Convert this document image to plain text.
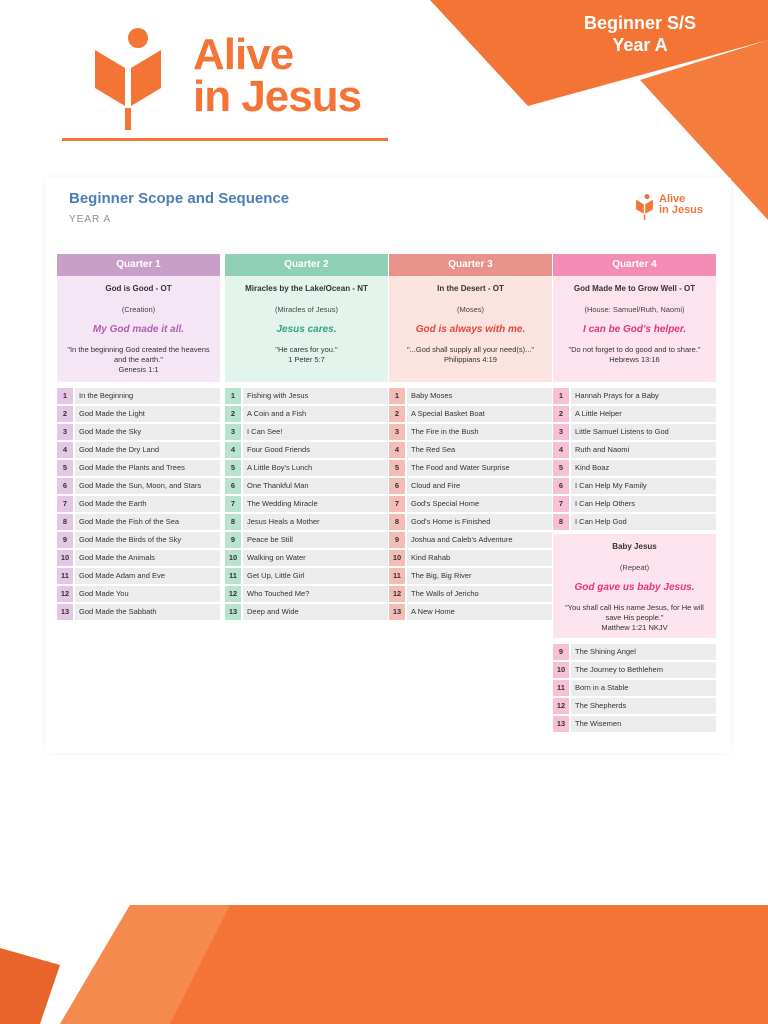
Beginner S/S
Year A
Alive
in Jesus
Beginner Scope and Sequence
YEAR A
Alive
in Jesus
Quarter 1
God is Good - OT
(Creation)
My God made it all.
"In the beginning God created the heavens and the earth."
Genesis 1:1
1	In the Beginning
2	God Made the Light
3	God Made the Sky
4	God Made the Dry Land
5	God Made the Plants and Trees
6	God Made the Sun, Moon, and Stars
7	God Made the Earth
8	God Made the Fish of the Sea
9	God Made the Birds of the Sky
10	God Made the Animals
11	God Made Adam and Eve
12	God Made You
13	God Made the Sabbath
Quarter 2
Miracles by the Lake/Ocean - NT
(Miracles of Jesus)
Jesus cares.
"He cares for you."
1 Peter 5:7
1	Fishing with Jesus
2	A Coin and a Fish
3	I Can See!
4	Four Good Friends
5	A Little Boy's Lunch
6	One Thankful Man
7	The Wedding Miracle
8	Jesus Heals a Mother
9	Peace be Still
10	Walking on Water
11	Get Up, Little Girl
12	Who Touched Me?
13	Deep and Wide
Quarter 3
In the Desert - OT
(Moses)
God is always with me.
"...God shall supply all your need(s)..."
Philippians 4:19
1	Baby Moses
2	A Special Basket Boat
3	The Fire in the Bush
4	The Red Sea
5	The Food and Water Surprise
6	Cloud and Fire
7	God's Special Home
8	God's Home is Finished
9	Joshua and Caleb's Adventure
10	Kind Rahab
11	The Big, Big River
12	The Walls of Jericho
13	A New Home
Quarter 4
God Made Me to Grow Well - OT
(House: Samuel/Ruth, Naomi)
I can be God's helper.
"Do not forget to do good and to share."
Hebrews 13:16
1	Hannah Prays for a Baby
2	A Little Helper
3	Little Samuel Listens to God
4	Ruth and Naomi
5	Kind Boaz
6	I Can Help My Family
7	I Can Help Others
8	I Can Help God
Baby Jesus
(Repeat)
God gave us baby Jesus.
"You shall call His name Jesus, for He will save His people."
Matthew 1:21 NKJV
9	The Shining Angel
10	The Journey to Bethlehem
11	Born in a Stable
12	The Shepherds
13	The Wisemen
